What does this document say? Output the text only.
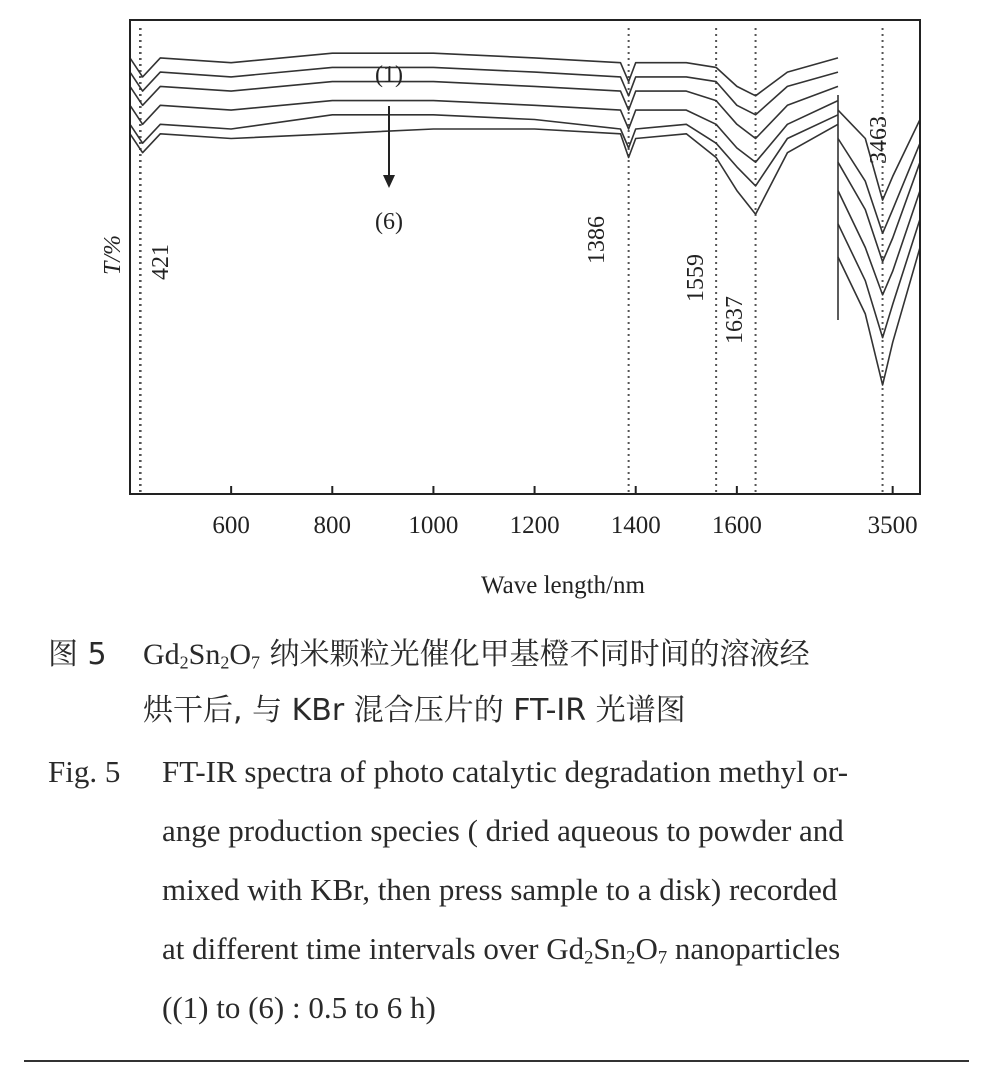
600	800 1000 1200 1400 1600	3500
421	1386
1559
1637
3463
(1)
(6)
T/%
Wave length/nm
图 5 $Gd_2Sn_2O_7$ 纳米颗粒光催化甲基橙不同时间的溶液经
烘干后, 与 KBr 混合压片的 FT-IR 光谱图
Fig. 5 FT-IR spectra of photo catalytic degradation methyl or-
ange production species ( dried aqueous to powder and
mixed with KBr, then press sample to a disk) recorded
at different time intervals over $Gd_2Sn_2O_7$ nanoparticles
((1) to (6) : 0.5 to 6 h)
